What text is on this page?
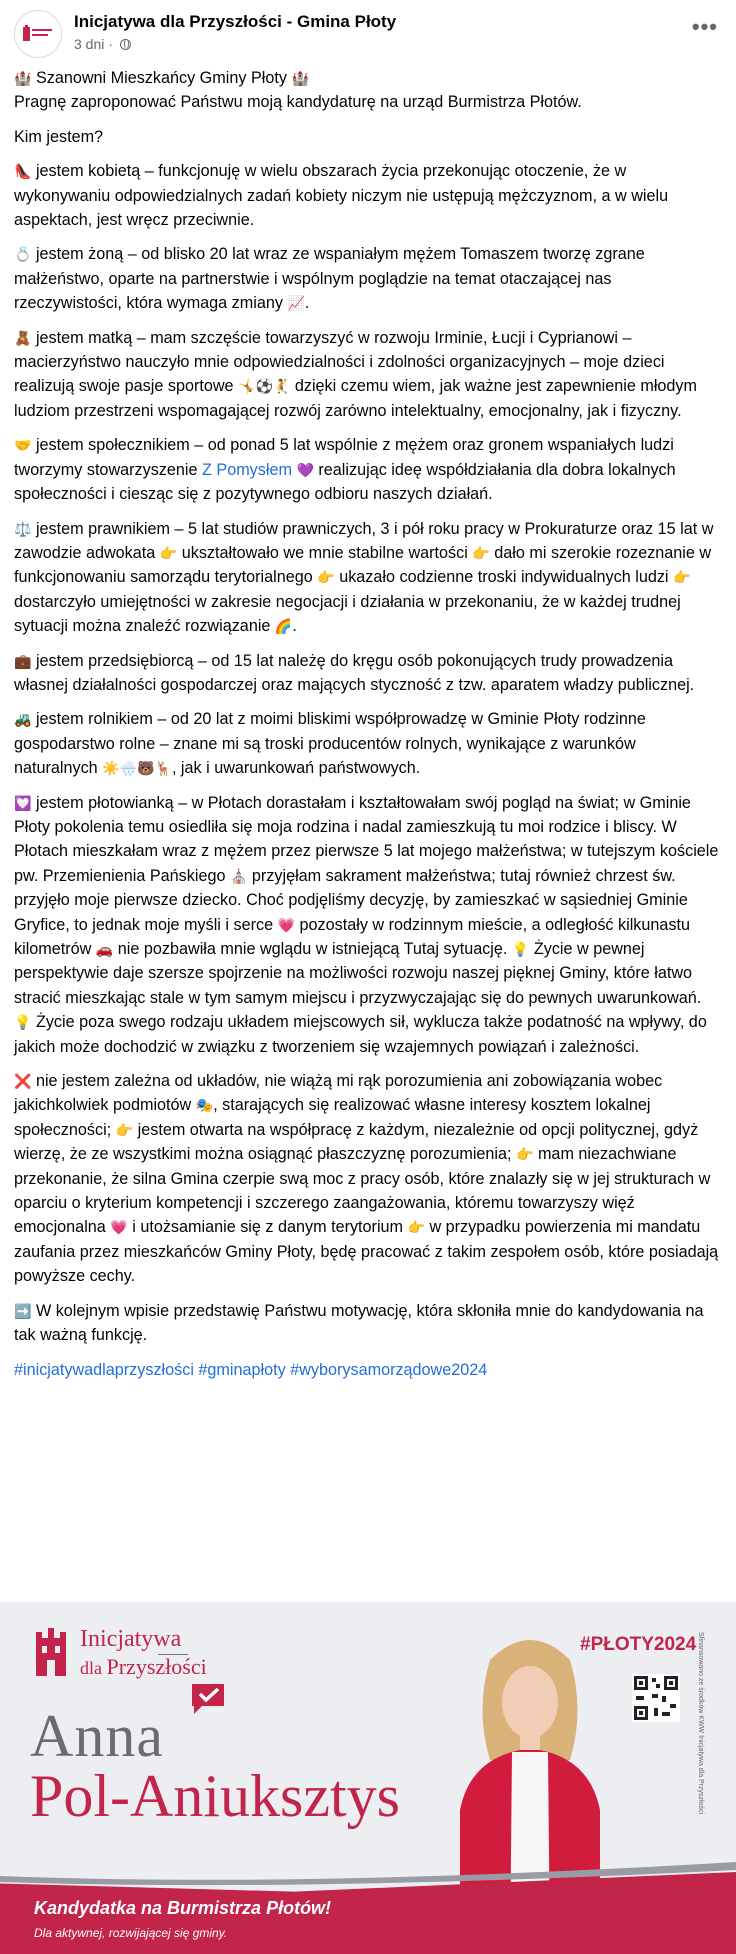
Inicjatywa dla Przyszłości - Gmina Płoty
3 dni ·
•••

🏰 Szanowni Mieszkańcy Gminy Płoty 🏰
Pragnę zaproponować Państwu moją kandydaturę na urząd Burmistrza Płotów.

Kim jestem?

👠 jestem kobietą – funkcjonuję w wielu obszarach życia przekonując otoczenie, że w wykonywaniu odpowiedzialnych zadań kobiety niczym nie ustępują mężczyznom, a w wielu aspektach, jest wręcz przeciwnie.

💍 jestem żoną – od blisko 20 lat wraz ze wspaniałym mężem Tomaszem tworzę zgrane małżeństwo, oparte na partnerstwie i wspólnym poglądzie na temat otaczającej nas rzeczywistości, która wymaga zmiany 📈.

🧸 jestem matką – mam szczęście towarzyszyć w rozwoju Irminie, Łucji i Cyprianowi – macierzyństwo nauczyło mnie odpowiedzialności i zdolności organizacyjnych – moje dzieci realizują swoje pasje sportowe 🤸⚽🤾 dzięki czemu wiem, jak ważne jest zapewnienie młodym ludziom przestrzeni wspomagającej rozwój zarówno intelektualny, emocjonalny, jak i fizyczny.

🤝 jestem społecznikiem – od ponad 5 lat wspólnie z mężem oraz gronem wspaniałych ludzi tworzymy stowarzyszenie Z Pomysłem 💜 realizując ideę współdziałania dla dobra lokalnych społeczności i ciesząc się z pozytywnego odbioru naszych działań.

⚖️ jestem prawnikiem – 5 lat studiów prawniczych, 3 i pół roku pracy w Prokuraturze oraz 15 lat w zawodzie adwokata 👉 ukształtowało we mnie stabilne wartości 👉 dało mi szerokie rozeznanie w funkcjonowaniu samorządu terytorialnego 👉 ukazało codzienne troski indywidualnych ludzi 👉 dostarczyło umiejętności w zakresie negocjacji i działania w przekonaniu, że w każdej trudnej sytuacji można znaleźć rozwiązanie 🌈.

💼 jestem przedsiębiorcą – od 15 lat należę do kręgu osób pokonujących trudy prowadzenia własnej działalności gospodarczej oraz mających styczność z tzw. aparatem władzy publicznej.

🚜 jestem rolnikiem – od 20 lat z moimi bliskimi współprowadzę w Gminie Płoty rodzinne gospodarstwo rolne – znane mi są troski producentów rolnych, wynikające z warunków naturalnych ☀️🌧️🐻🦌, jak i uwarunkowań państwowych.

💟 jestem płotowianką – w Płotach dorastałam i kształtowałam swój pogląd na świat; w Gminie Płoty pokolenia temu osiedliła się moja rodzina i nadal zamieszkują tu moi rodzice i bliscy. W Płotach mieszkałam wraz z mężem przez pierwsze 5 lat mojego małżeństwa; w tutejszym kościele pw. Przemienienia Pańskiego ⛪ przyjęłam sakrament małżeństwa; tutaj również chrzest św. przyjęło moje pierwsze dziecko. Choć podjęliśmy decyzję, by zamieszkać w sąsiedniej Gminie Gryfice, to jednak moje myśli i serce 💗 pozostały w rodzinnym mieście, a odległość kilkunastu kilometrów 🚗 nie pozbawiła mnie wglądu w istniejącą Tutaj sytuację. 💡 Życie w pewnej perspektywie daje szersze spojrzenie na możliwości rozwoju naszej pięknej Gminy, które łatwo stracić mieszkając stale w tym samym miejscu i przyzwyczajając się do pewnych uwarunkowań. 💡 Życie poza swego rodzaju układem miejscowych sił, wyklucza także podatność na wpływy, do jakich może dochodzić w związku z tworzeniem się wzajemnych powiązań i zależności.

❌ nie jestem zależna od układów, nie wiążą mi rąk porozumienia ani zobowiązania wobec jakichkolwiek podmiotów 🎭, starających się realizować własne interesy kosztem lokalnej społeczności; 👉 jestem otwarta na współpracę z każdym, niezależnie od opcji politycznej, gdyż wierzę, że ze wszystkimi można osiągnąć płaszczyznę porozumienia; 👉 mam niezachwiane przekonanie, że silna Gmina czerpie swą moc z pracy osób, które znalazły się w jej strukturach w oparciu o kryterium kompetencji i szczerego zaangażowania, któremu towarzyszy więź emocjonalna 💗 i utożsamianie się z danym terytorium 👉 w przypadku powierzenia mi mandatu zaufania przez mieszkańców Gminy Płoty, będę pracować z takim zespołem osób, które posiadają powyższe cechy.

➡️ W kolejnym wpisie przedstawię Państwu motywację, która skłoniła mnie do kandydowania na tak ważną funkcję.

#inicjatywadlaprzyszłości #gminapłoty #wyborysamorządowe2024

Inicjatywa
dla Przyszłości
Anna
Pol-Aniuksztys
#PŁOTY2024 Sfinansowano ze środków KWW Inicjatywa dla Przyszłości
Kandydatka na Burmistrza Płotów!
Dla aktywnej, rozwijającej się gminy.
